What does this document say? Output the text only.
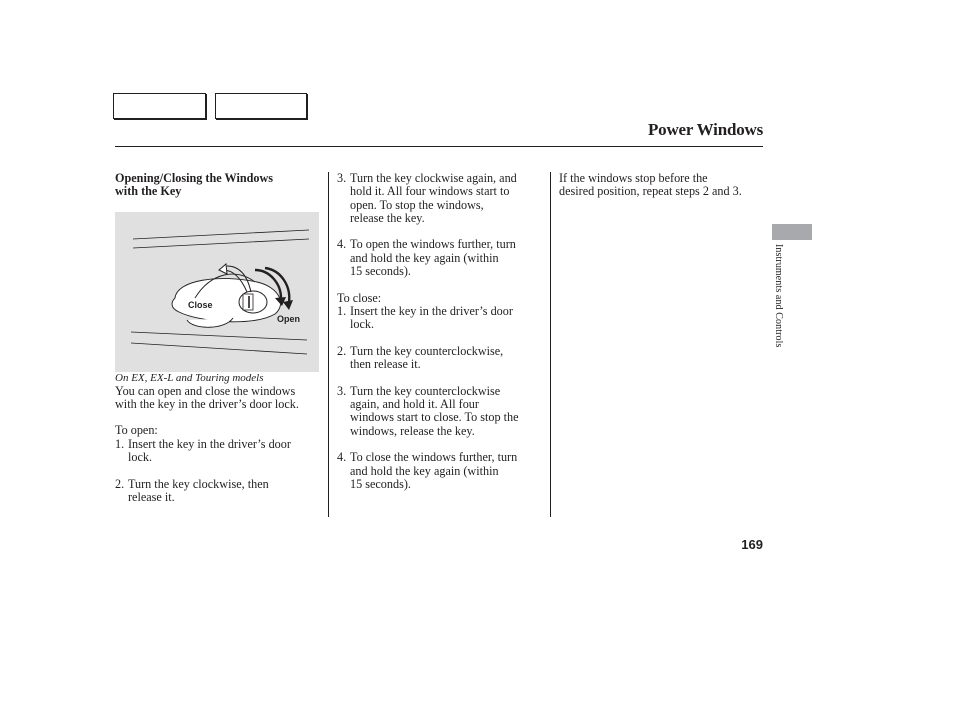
Power Windows

Opening/Closing the Windows
with the Key

Close
Open

On EX, EX-L and Touring models

You can open and close the windows
with the key in the driver’s door lock.

To open:

1. Insert the key in the driver’s door
lock.
2. Turn the key clockwise, then
release it.
3. Turn the key clockwise again, and
hold it. All four windows start to
open. To stop the windows,
release the key.
4. To open the windows further, turn
and hold the key again (within
15 seconds).

To close:

1. Insert the key in the driver’s door
lock.
2. Turn the key counterclockwise,
then release it.
3. Turn the key counterclockwise
again, and hold it. All four
windows start to close. To stop the
windows, release the key.
4. To close the windows further, turn
and hold the key again (within
15 seconds).

If the windows stop before the
desired position, repeat steps 2 and 3.

Instruments and Controls
169
